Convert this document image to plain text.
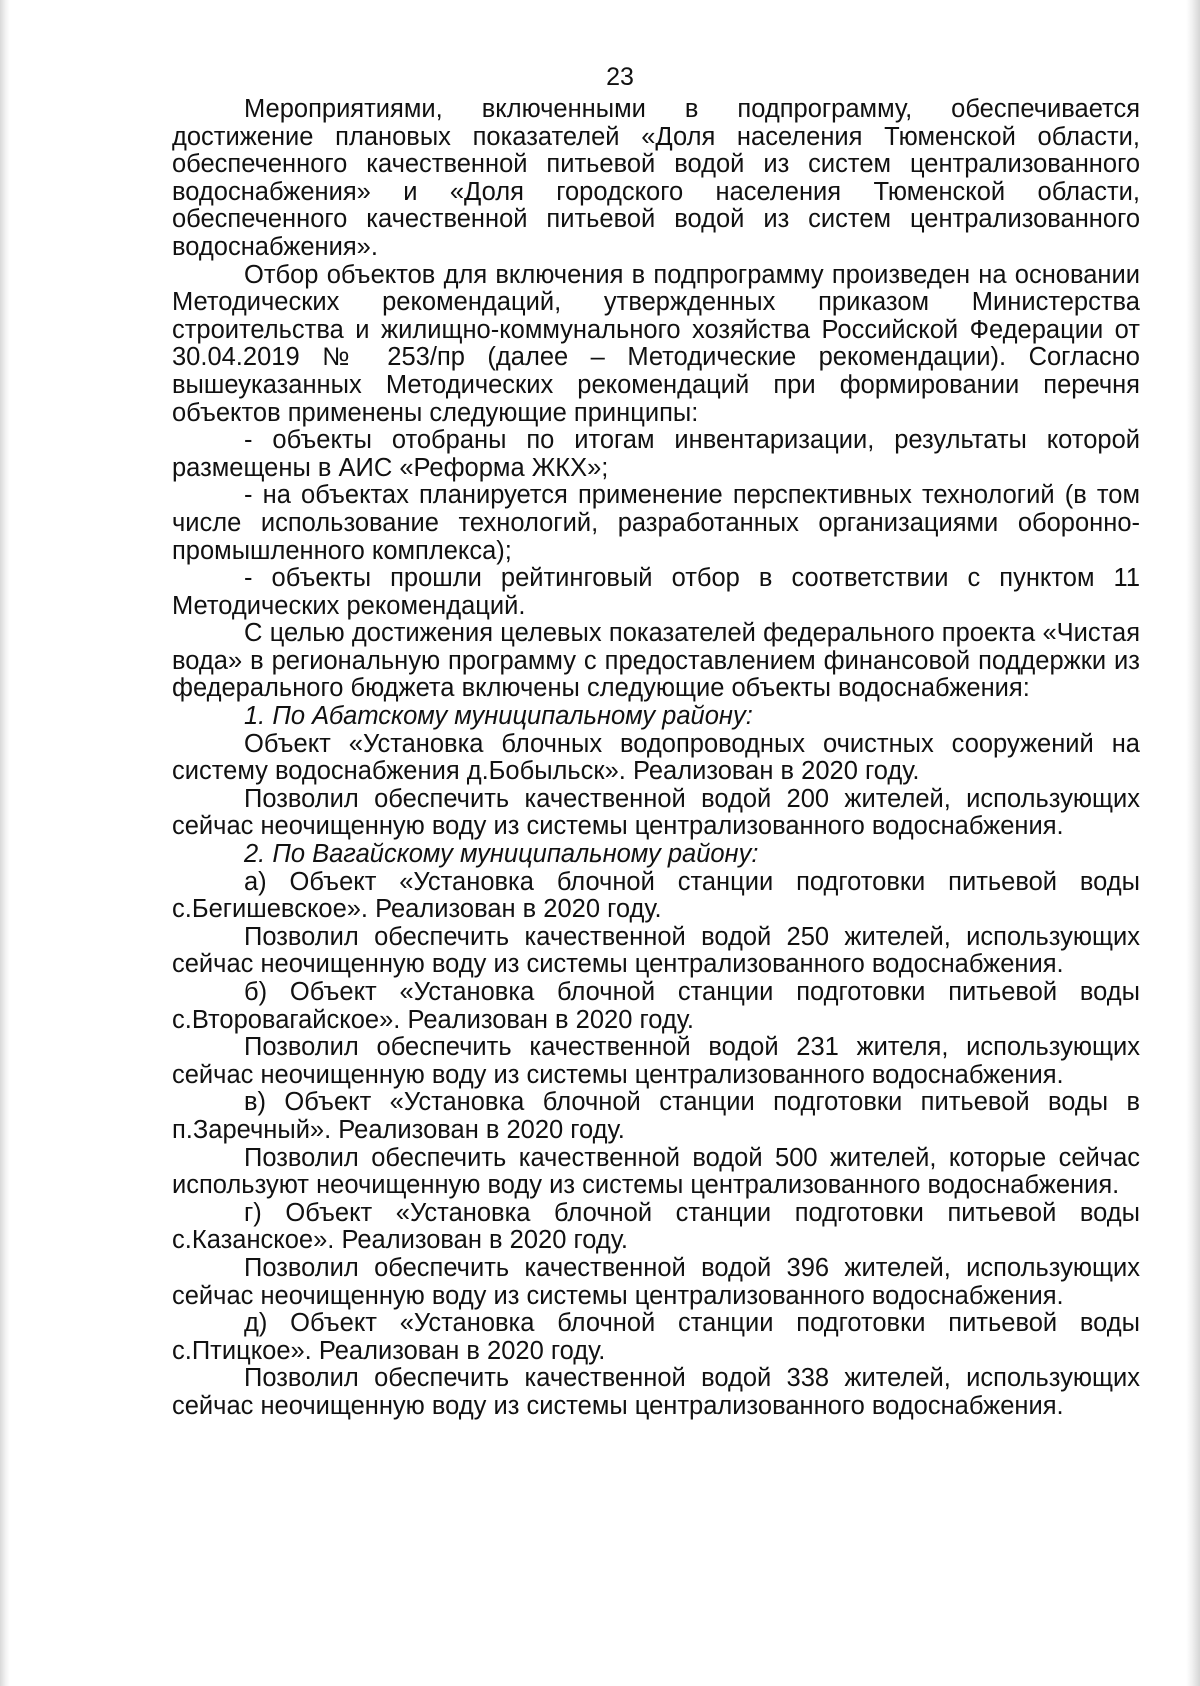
23

Мероприятиями, включенными в подпрограмму, обеспечивается достижение плановых показателей «Доля населения Тюменской области, обеспеченного качественной питьевой водой из систем централизованного водоснабжения» и «Доля городского населения Тюменской области, обеспеченного качественной питьевой водой из систем централизованного водоснабжения».

Отбор объектов для включения в подпрограмму произведен на основании Методических рекомендаций, утвержденных приказом Министерства строительства и жилищно-коммунального хозяйства Российской Федерации от 30.04.2019 № 253/пр (далее – Методические рекомендации). Согласно вышеуказанных Методических рекомендаций при формировании перечня объектов применены следующие принципы:

- объекты отобраны по итогам инвентаризации, результаты которой размещены в АИС «Реформа ЖКХ»;

- на объектах планируется применение перспективных технологий (в том числе использование технологий, разработанных организациями оборонно-промышленного комплекса);

- объекты прошли рейтинговый отбор в соответствии с пунктом 11 Методических рекомендаций.

С целью достижения целевых показателей федерального проекта «Чистая вода» в региональную программу с предоставлением финансовой поддержки из федерального бюджета включены следующие объекты водоснабжения:

1. По Абатскому муниципальному району:

Объект «Установка блочных водопроводных очистных сооружений на систему водоснабжения д.Бобыльск». Реализован в 2020 году.

Позволил обеспечить качественной водой 200 жителей, использующих сейчас неочищенную воду из системы централизованного водоснабжения.

2. По Вагайскому муниципальному району:

а) Объект «Установка блочной станции подготовки питьевой воды с.Бегишевское». Реализован в 2020 году.

Позволил обеспечить качественной водой 250 жителей, использующих сейчас неочищенную воду из системы централизованного водоснабжения.

б) Объект «Установка блочной станции подготовки питьевой воды с.Второвагайское». Реализован в 2020 году.

Позволил обеспечить качественной водой 231 жителя, использующих сейчас неочищенную воду из системы централизованного водоснабжения.

в) Объект «Установка блочной станции подготовки питьевой воды в п.Заречный». Реализован в 2020 году.

Позволил обеспечить качественной водой 500 жителей, которые сейчас используют неочищенную воду из системы централизованного водоснабжения.

г) Объект «Установка блочной станции подготовки питьевой воды с.Казанское». Реализован в 2020 году.

Позволил обеспечить качественной водой 396 жителей, использующих сейчас неочищенную воду из системы централизованного водоснабжения.

д) Объект «Установка блочной станции подготовки питьевой воды с.Птицкое». Реализован в 2020 году.

Позволил обеспечить качественной водой 338 жителей, использующих сейчас неочищенную воду из системы централизованного водоснабжения.
